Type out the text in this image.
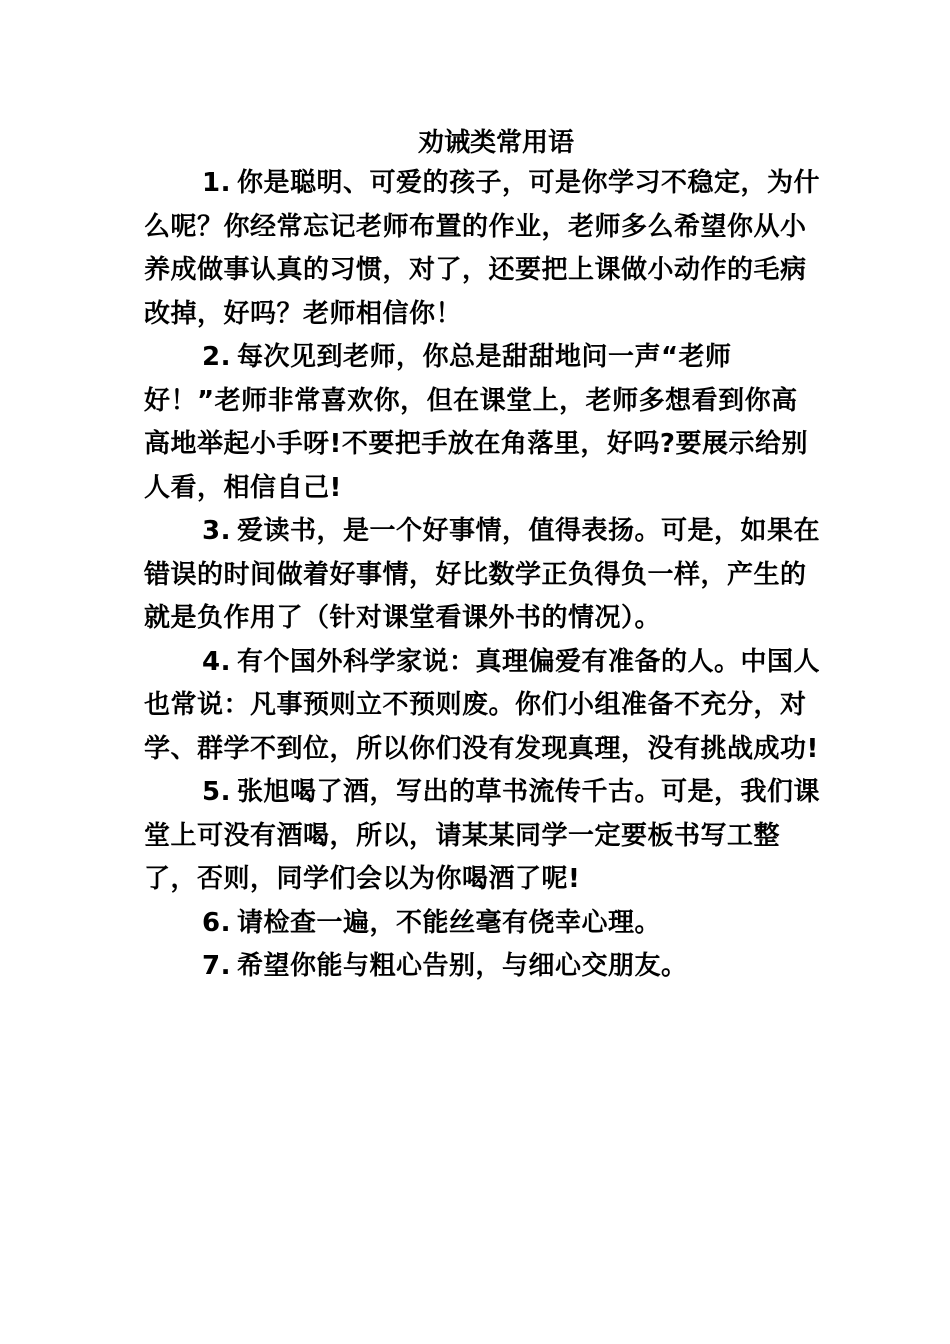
劝诫类常用语

1. 你是聪明、可爱的孩子，可是你学习不稳定，为什么呢？你经常忘记老师布置的作业，老师多么希望你从小养成做事认真的习惯，对了，还要把上课做小动作的毛病改掉，好吗？老师相信你！

2. 每次见到老师，你总是甜甜地问一声“老师好！”老师非常喜欢你，但在课堂上，老师多想看到你高高地举起小手呀!不要把手放在角落里，好吗?要展示给别人看，相信自己!

3. 爱读书，是一个好事情，值得表扬。可是，如果在错误的时间做着好事情，好比数学正负得负一样，产生的就是负作用了（针对课堂看课外书的情况）。

4. 有个国外科学家说：真理偏爱有准备的人。中国人也常说：凡事预则立不预则废。你们小组准备不充分，对学、群学不到位，所以你们没有发现真理，没有挑战成功!

5. 张旭喝了酒，写出的草书流传千古。可是，我们课堂上可没有酒喝，所以，请某某同学一定要板书写工整了，否则，同学们会以为你喝酒了呢!

6. 请检查一遍，不能丝毫有侥幸心理。

7. 希望你能与粗心告别，与细心交朋友。
